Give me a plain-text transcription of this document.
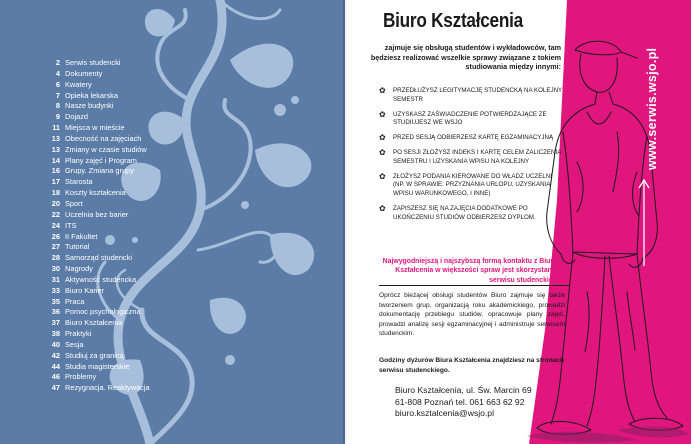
2 Serwis studencki
4 Dokumenty
6 Kwatery
7 Opieka lekarska
8 Nasze budynki
9 Dojazd
11 Miejsca w mieście
13 Obecność na zajęciach
13 Zmiany w czasie studiów
14 Plany zajęć i Program
16 Grupy. Zmiana grupy
17 Starosta
18 Koszty kształcenia
20 Sport
22 Uczelnia bez barier
24 ITS
26 II Fakultet
27 Tutorial
28 Samorząd studencki
30 Nagrody
31 Aktywność studencka
33 Biuro Karier
35 Praca
36 Pomoc psychologiczna
37 Biuro Kształcenia
38 Praktyki
40 Sesja
42 Studiuj za granicą
44 Studia magisterskie
46 Problemy
47 Rezygnacja. Reaktywacja
www.serwis.wsjo.pl
Biuro Kształcenia
zajmuje się obsługą studentów i wykładowców, tam będziesz realizować wszelkie sprawy związane z tokiem studiowania między innymi:
✿ PRZEDŁUŻYSZ LEGITYMACJĘ STUDENCKĄ NA KOLEJNY SEMESTR
✿ UZYSKASZ ZAŚWIADCZENIE POTWIERDZAJĄCE ZE STUDIUJESZ WE WSJO
✿ PRZED SESJĄ ODBIERZESZ KARTĘ EGZAMINACYJNĄ
✿ PO SESJI ZŁOŻYSZ INDEKS I KARTĘ CELEM ZALICZENIA SEMESTRU I UZYSKANIA WPISU NA KOLEJNY
✿ ZŁOŻYSZ PODANIA KIEROWANE DO WŁADZ UCZELNI (NP. W SPRAWIE: PRZYZNANIA URLOPU, UZYSKANIA WPISU WARUNKOWEGO, I INNE)
✿ ZAPISZESZ SIĘ NA ZAJĘCIA DODATKOWE PO UKOŃCZENIU STUDIÓW ODBIERZESZ DYPLOM.
Najwygodniejszą i najszybszą formą kontaktu z Biurem Kształcenia w większości spraw jest skorzystanie z serwisu studenckiego.
Oprócz bieżącej obsługi studentów Biuro zajmuje się także tworzeniem grup, organizacją roku akademickiego, prowadzi dokumentację przebiegu studiów, opracowuje plany zajęć, prowadzi analizę sesji egzaminacyjnej i administruje serwisem studenckim.
Godziny dyżurów Biura Kształcenia znajdziesz na stronach serwisu studenckiego.
Biuro Kształcenia, ul. Św. Marcin 69
61-808 Poznań tel. 061 663 62 92
biuro.ksztalcenia@wsjo.pl
